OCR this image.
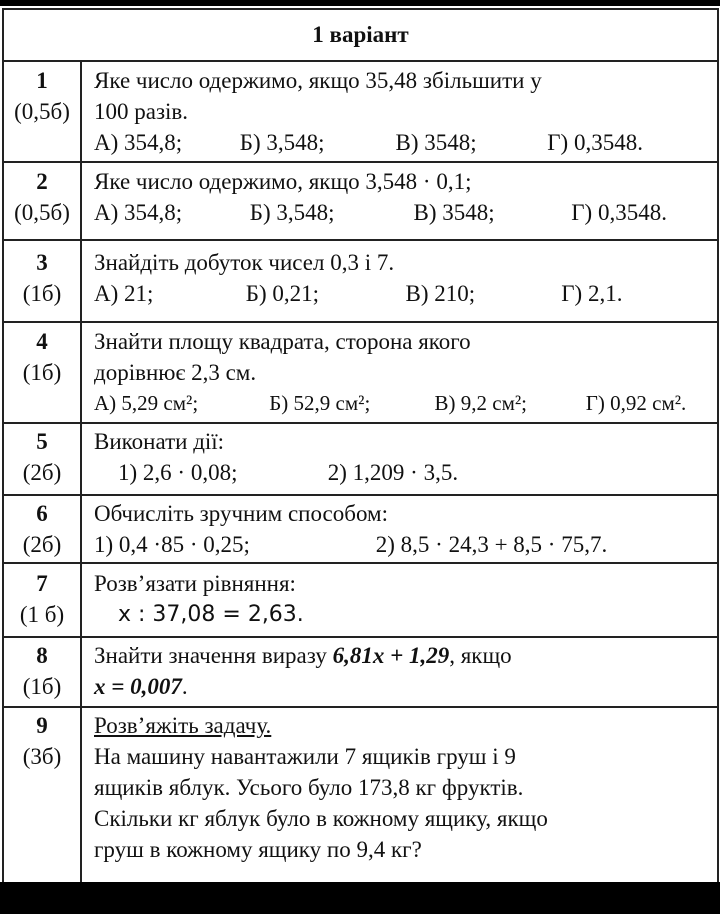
1 варіант	

1
(0,5б)	Яке число одержимо, якщо 35,48 збільшити у
100 разів.
А) 354,8; Б) 3,548; В) 3548; Г) 0,3548.

2
(0,5б)	Яке число одержимо, якщо 3,548 · 0,1;
А) 354,8; Б) 3,548; В) 3548; Г) 0,3548.

3
(1б)	Знайдіть добуток чисел 0,3 і 7.
А) 21; Б) 0,21; В) 210; Г) 2,1.

4
(1б)	Знайти площу квадрата, сторона якого
дорівнює 2,3 см.
А) 5,29 см²; Б) 52,9 см²; В) 9,2 см²; Г) 0,92 см².

5
(2б)	Виконати дії:
1) 2,6 · 0,08; 2) 1,209 · 3,5.

6
(2б)	Обчисліть зручним способом:
1) 0,4 ·85 · 0,25; 2) 8,5 · 24,3 + 8,5 · 75,7.

7
(1 б)	Розв’язати рівняння:
х : 37,08 = 2,63.

8
(1б)	Знайти значення виразу 6,81х + 1,29, якщо
х = 0,007.

9
(3б)	Розв’яжіть задачу.
На машину навантажили 7 ящиків груш і 9
ящиків яблук. Усього було 173,8 кг фруктів.
Скільки кг яблук було в кожному ящику, якщо
груш в кожному ящику по 9,4 кг?
